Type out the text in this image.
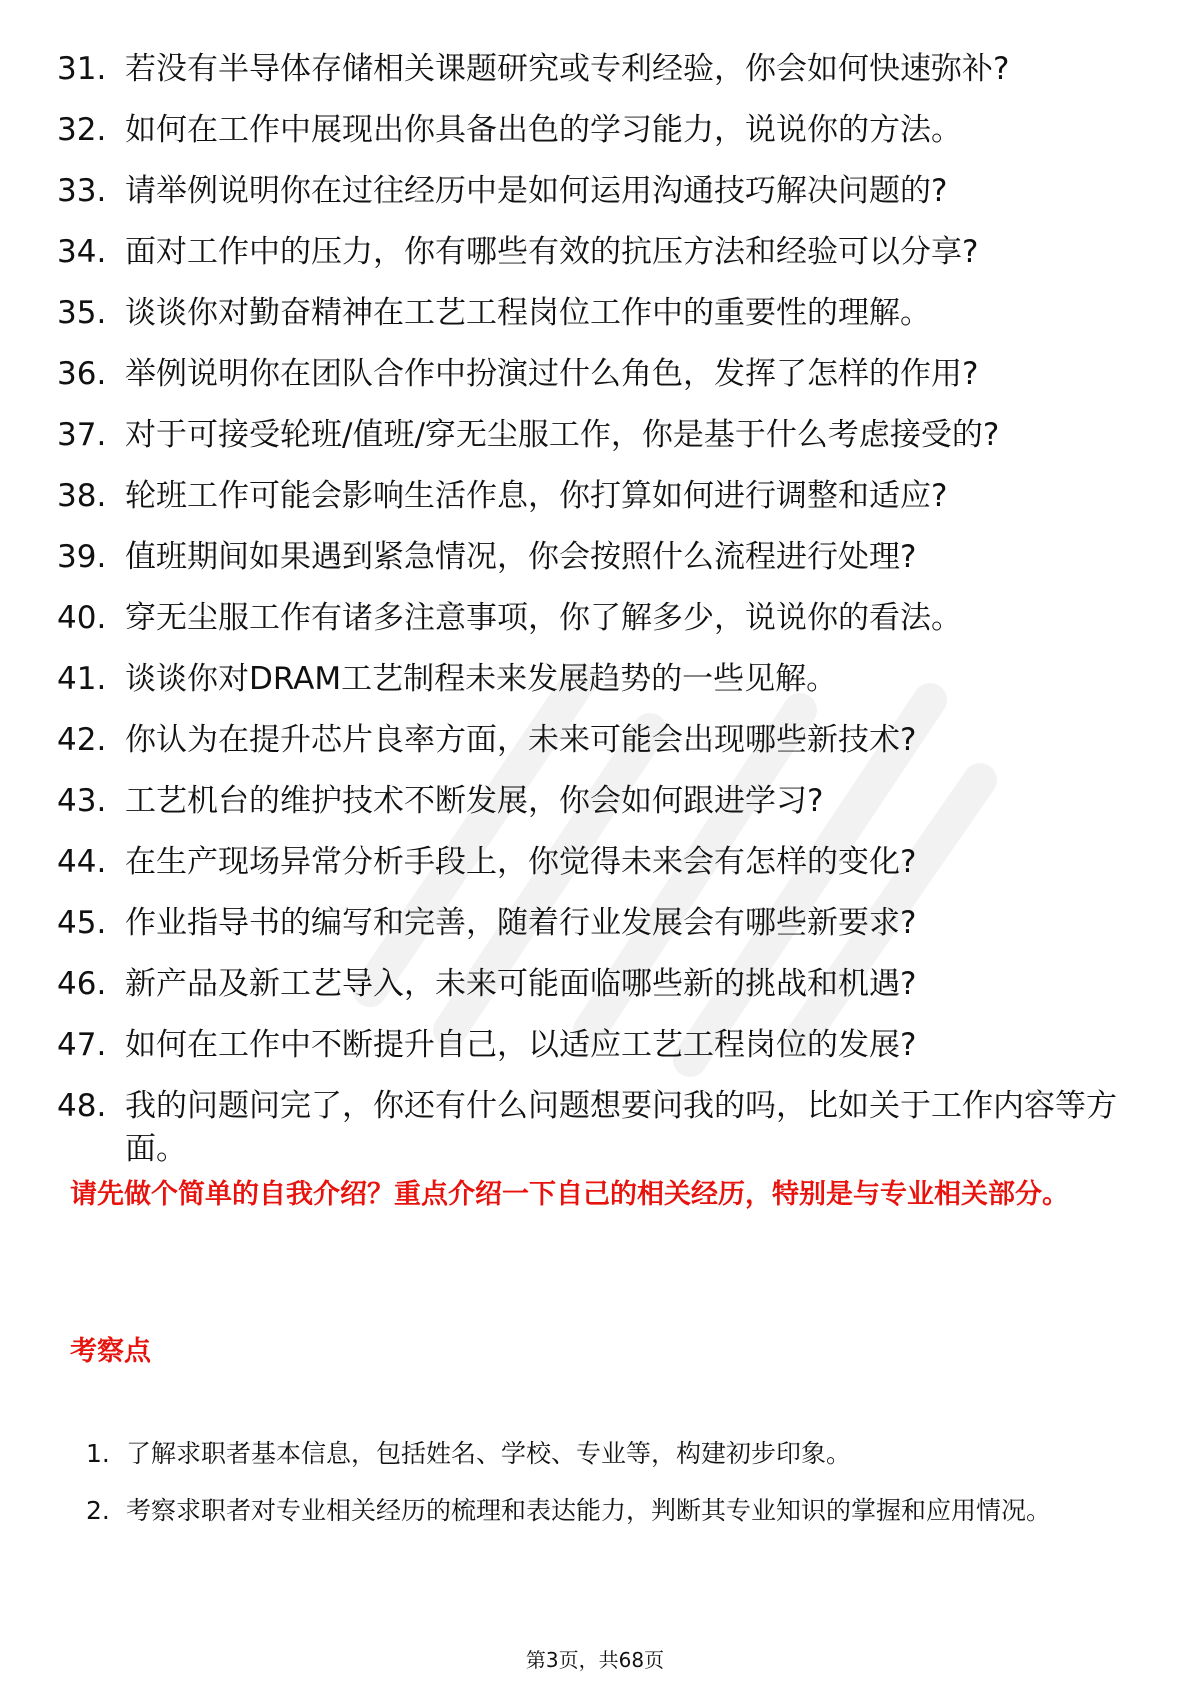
31. 若没有半导体存储相关课题研究或专利经验，你会如何快速弥补?
32. 如何在工作中展现出你具备出色的学习能力，说说你的方法。
33. 请举例说明你在过往经历中是如何运用沟通技巧解决问题的?
34. 面对工作中的压力，你有哪些有效的抗压方法和经验可以分享?
35. 谈谈你对勤奋精神在工艺工程岗位工作中的重要性的理解。
36. 举例说明你在团队合作中扮演过什么角色，发挥了怎样的作用?
37. 对于可接受轮班/值班/穿无尘服工作，你是基于什么考虑接受的?
38. 轮班工作可能会影响生活作息，你打算如何进行调整和适应?
39. 值班期间如果遇到紧急情况，你会按照什么流程进行处理?
40. 穿无尘服工作有诸多注意事项，你了解多少，说说你的看法。
41. 谈谈你对DRAM工艺制程未来发展趋势的一些见解。
42. 你认为在提升芯片良率方面，未来可能会出现哪些新技术?
43. 工艺机台的维护技术不断发展，你会如何跟进学习?
44. 在生产现场异常分析手段上，你觉得未来会有怎样的变化?
45. 作业指导书的编写和完善，随着行业发展会有哪些新要求?
46. 新产品及新工艺导入，未来可能面临哪些新的挑战和机遇?
47. 如何在工作中不断提升自己，以适应工艺工程岗位的发展?
48. 我的问题问完了，你还有什么问题想要问我的吗，比如关于工作内容等方面。
请先做个简单的自我介绍？重点介绍一下自己的相关经历，特别是与专业相关部分。
考察点
1. 了解求职者基本信息，包括姓名、学校、专业等，构建初步印象。
2. 考察求职者对专业相关经历的梳理和表达能力，判断其专业知识的掌握和应用情况。
第3页，共68页
